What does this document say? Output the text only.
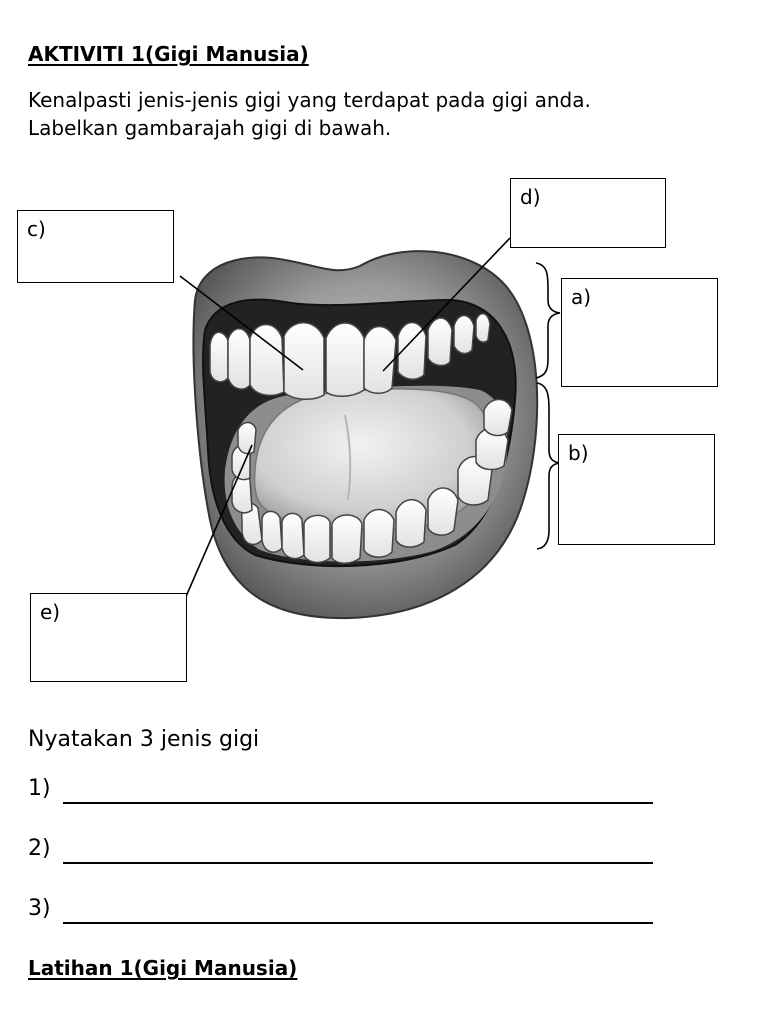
AKTIVITI 1(Gigi Manusia)
Kenalpasti jenis-jenis gigi yang terdapat pada gigi anda.
Labelkan gambarajah gigi di bawah.
c)
d)
a)
b)
e)
Nyatakan 3 jenis gigi
1)
2)
3)
Latihan 1(Gigi Manusia)
